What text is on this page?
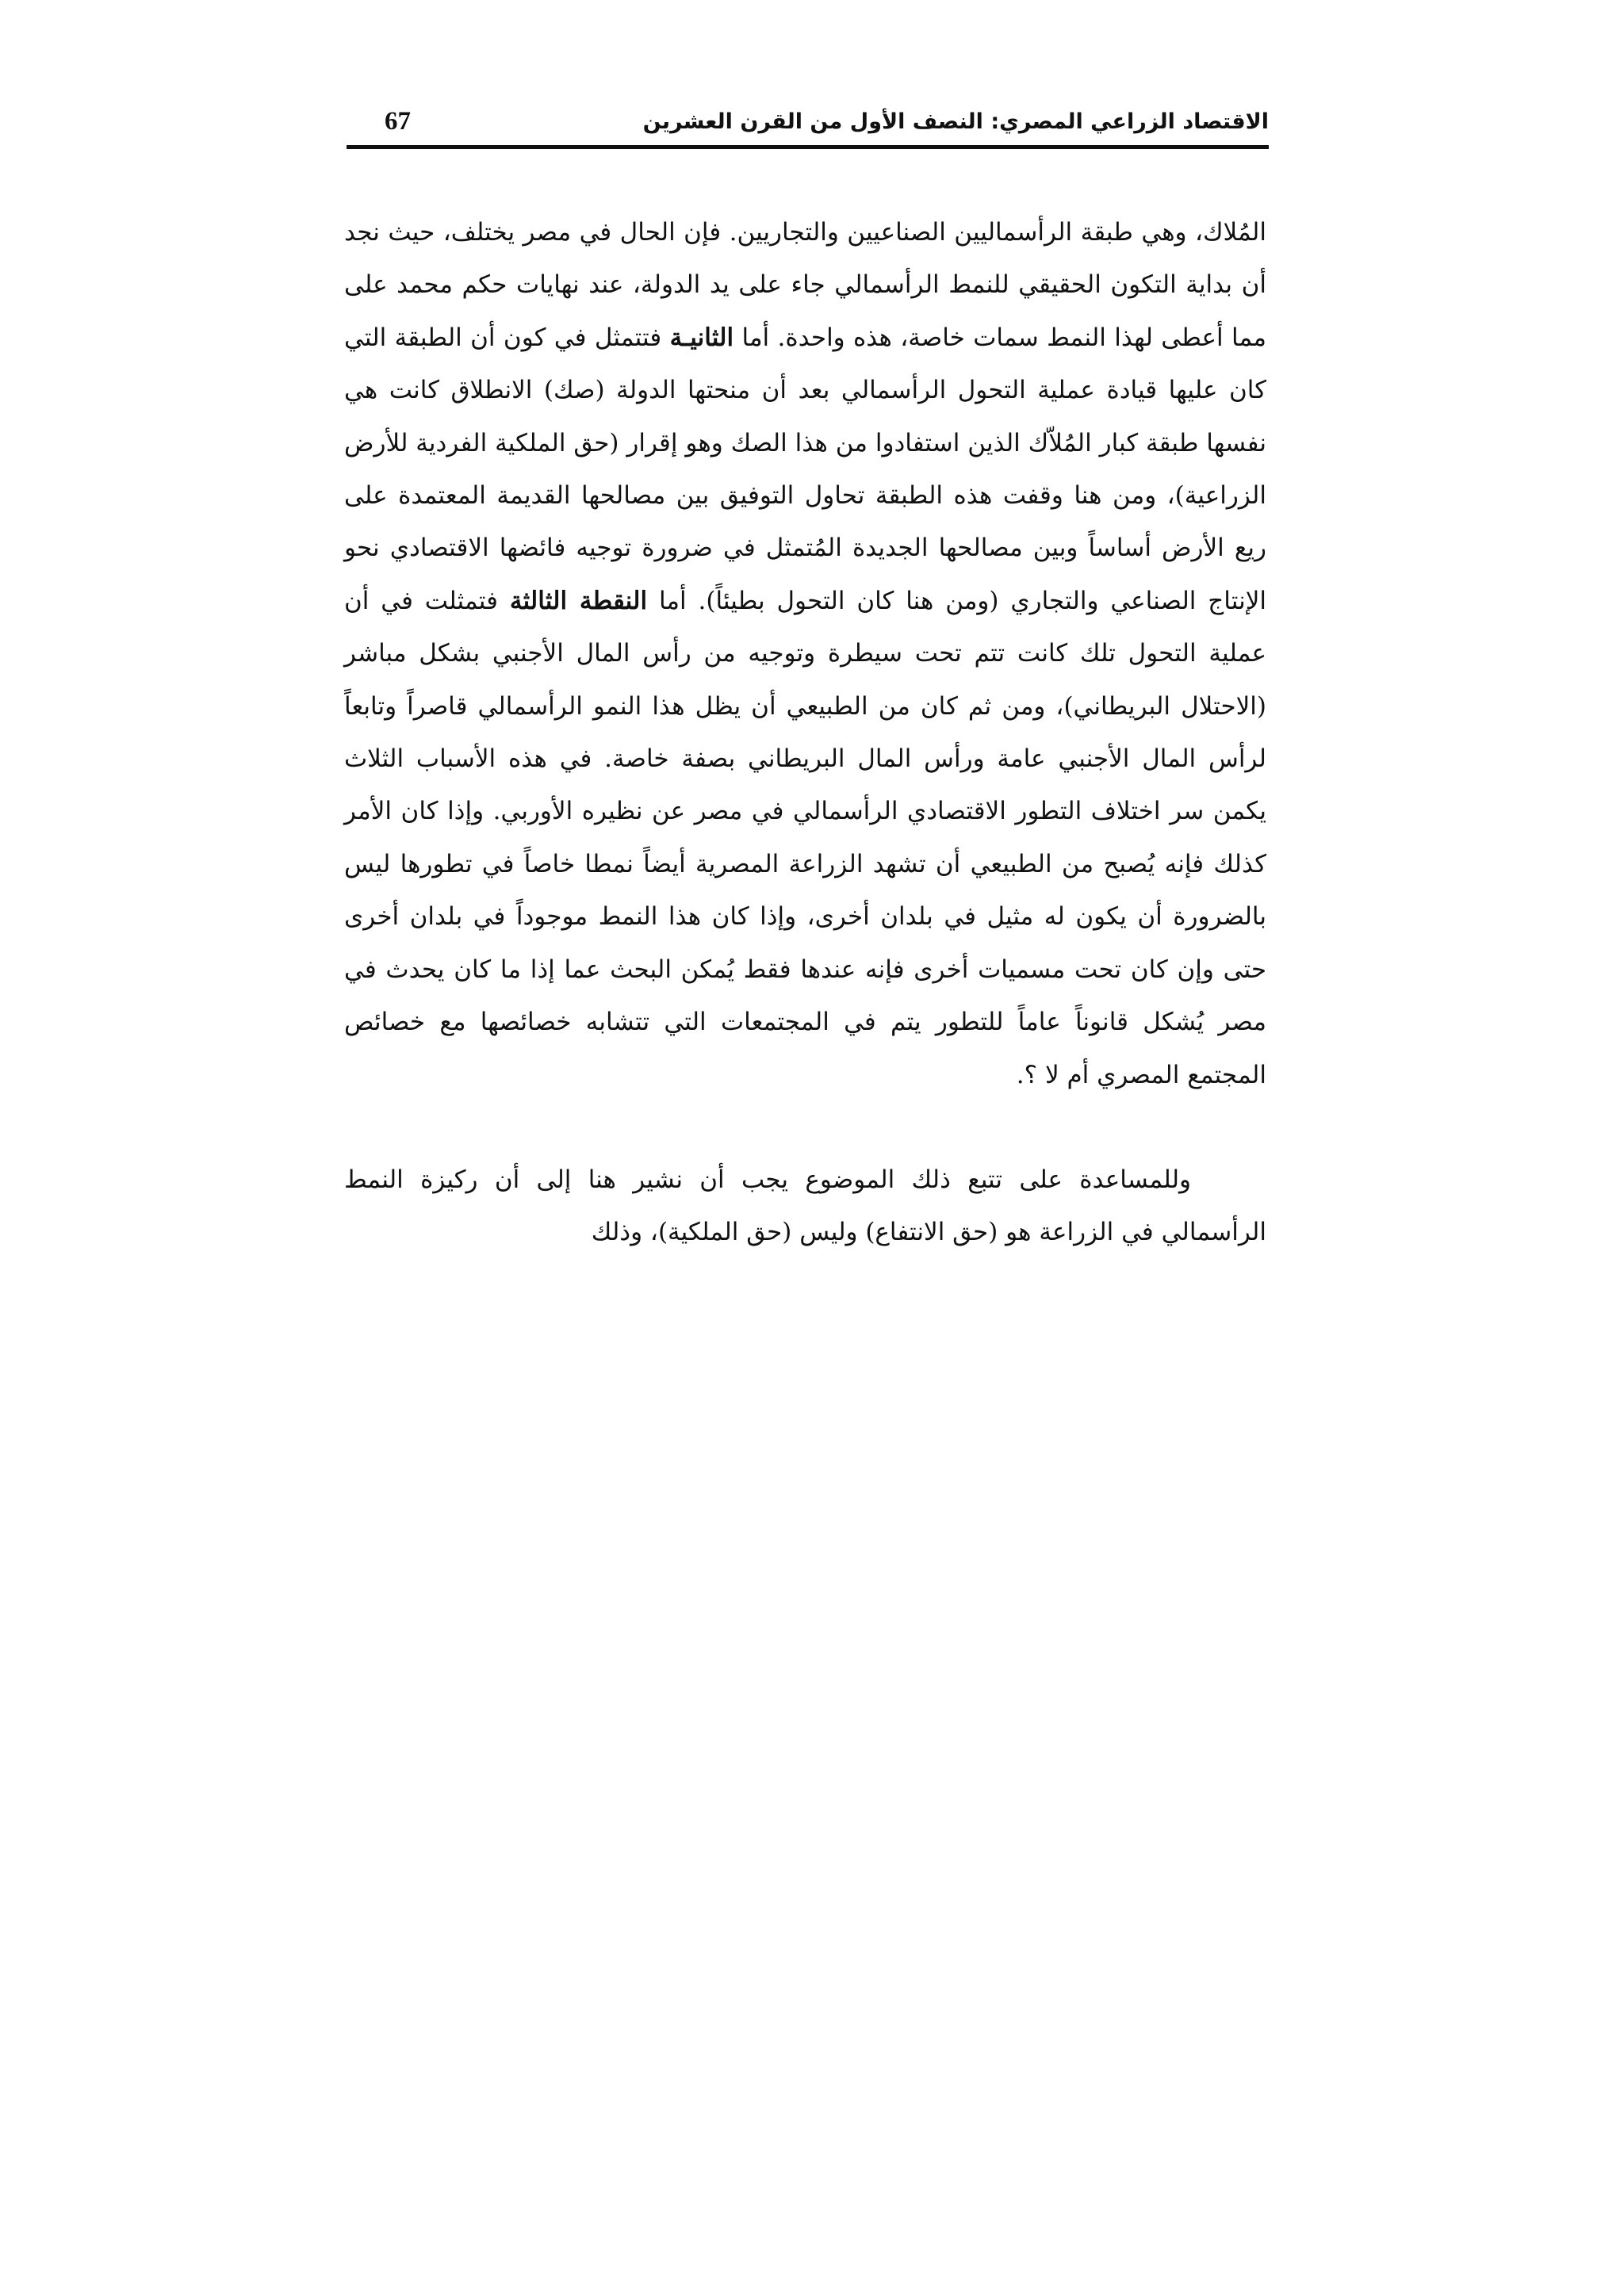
الاقتصاد الزراعي المصري: النصف الأول من القرن العشرين
67

المُلاك، وهي طبقة الرأسماليين الصناعيين والتجاريين. فإن الحال في مصر يختلف، حيث نجد أن بداية التكون الحقيقي للنمط الرأسمالي جاء على يد الدولة، عند نهايات حكم محمد على مما أعطى لهذا النمط سمات خاصة، هذه واحدة. أما الثانيـة فتتمثل في كون أن الطبقة التي كان عليها قيادة عملية التحول الرأسمالي بعد أن منحتها الدولة (صك) الانطلاق كانت هي نفسها طبقة كبار المُلاّك الذين استفادوا من هذا الصك وهو إقرار (حق الملكية الفردية للأرض الزراعية)، ومن هنا وقفت هذه الطبقة تحاول التوفيق بين مصالحها القديمة المعتمدة على ريع الأرض أساساً وبين مصالحها الجديدة المُتمثل في ضرورة توجيه فائضها الاقتصادي نحو الإنتاج الصناعي والتجاري (ومن هنا كان التحول بطيئاً). أما النقطة الثالثة فتمثلت في أن عملية التحول تلك كانت تتم تحت سيطرة وتوجيه من رأس المال الأجنبي بشكل مباشر (الاحتلال البريطاني)، ومن ثم كان من الطبيعي أن يظل هذا النمو الرأسمالي قاصراً وتابعاً لرأس المال الأجنبي عامة ورأس المال البريطاني بصفة خاصة. في هذه الأسباب الثلاث يكمن سر اختلاف التطور الاقتصادي الرأسمالي في مصر عن نظيره الأوربي. وإذا كان الأمر كذلك فإنه يُصبح من الطبيعي أن تشهد الزراعة المصرية أيضاً نمطا خاصاً في تطورها ليس بالضرورة أن يكون له مثيل في بلدان أخرى، وإذا كان هذا النمط موجوداً في بلدان أخرى حتى وإن كان تحت مسميات أخرى فإنه عندها فقط يُمكن البحث عما إذا ما كان يحدث في مصر يُشكل قانوناً عاماً للتطور يتم في المجتمعات التي تتشابه خصائصها مع خصائص المجتمع المصري أم لا ؟.

وللمساعدة على تتبع ذلك الموضوع يجب أن نشير هنا إلى أن ركيزة النمط الرأسمالي في الزراعة هو (حق الانتفاع) وليس (حق الملكية)، وذلك
